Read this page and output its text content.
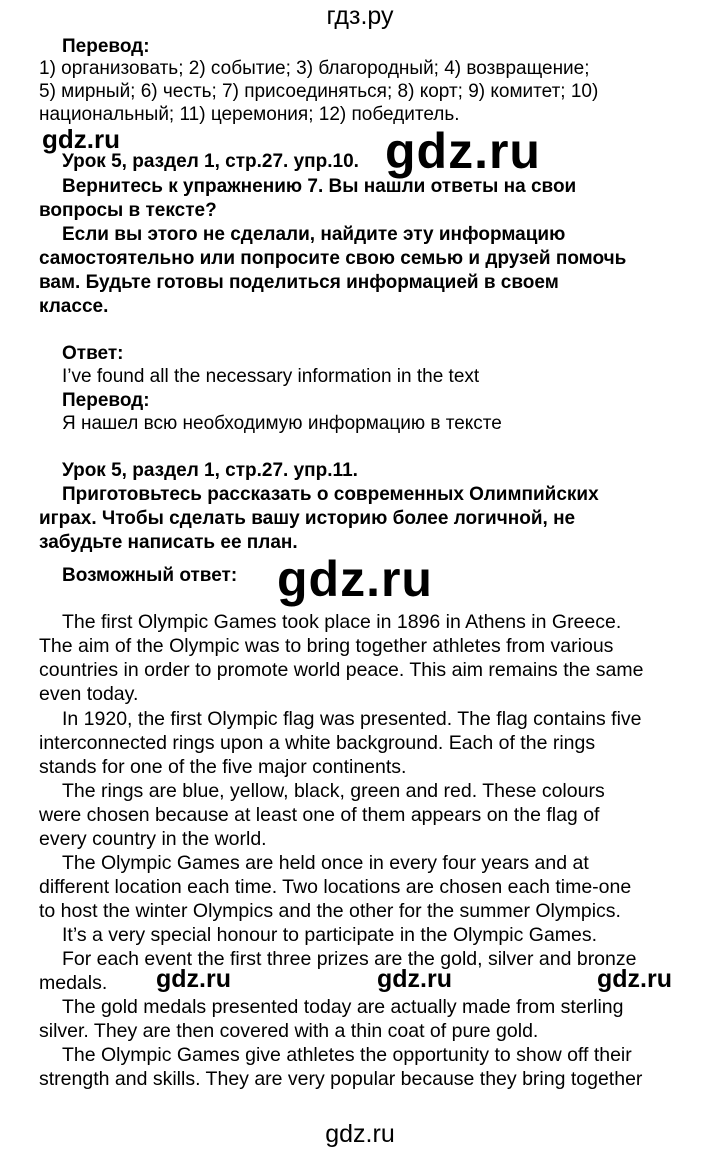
гдз.ру
Перевод:
1) организовать; 2) событие; 3) благородный; 4) возвращение;
5) мирный; 6) честь; 7) присоединяться; 8) корт; 9) комитет; 10)
национальный; 11) церемония; 12) победитель.
gdz.ru
Урок 5, раздел 1, стр.27. упр.10. gdz.ru
Вернитесь к упражнению 7. Вы нашли ответы на свои
вопросы в тексте?
Если вы этого не сделали, найдите эту информацию
самостоятельно или попросите свою семью и друзей помочь
вам. Будьте готовы поделиться информацией в своем
классе.
Ответ:
I’ve found all the necessary information in the text
Перевод:
Я нашел всю необходимую информацию в тексте
Урок 5, раздел 1, стр.27. упр.11.
Приготовьтесь рассказать о современных Олимпийских
играх. Чтобы сделать вашу историю более логичной, не
забудьте написать ее план.
Возможный ответ: gdz.ru
The first Olympic Games took place in 1896 in Athens in Greece.
The aim of the Olympic was to bring together athletes from various
countries in order to promote world peace. This aim remains the same
even today.
In 1920, the first Olympic flag was presented. The flag contains five
interconnected rings upon a white background. Each of the rings
stands for one of the five major continents.
The rings are blue, yellow, black, green and red. These colours
were chosen because at least one of them appears on the flag of
every country in the world.
The Olympic Games are held once in every four years and at
different location each time. Two locations are chosen each time-one
to host the winter Olympics and the other for the summer Olympics.
It’s a very special honour to participate in the Olympic Games.
For each event the first three prizes are the gold, silver and bronze
medals. gdz.ru	gdz.ru	gdz.ru
The gold medals presented today are actually made from sterling
silver. They are then covered with a thin coat of pure gold.
The Olympic Games give athletes the opportunity to show off their
strength and skills. They are very popular because they bring together
gdz.ru
